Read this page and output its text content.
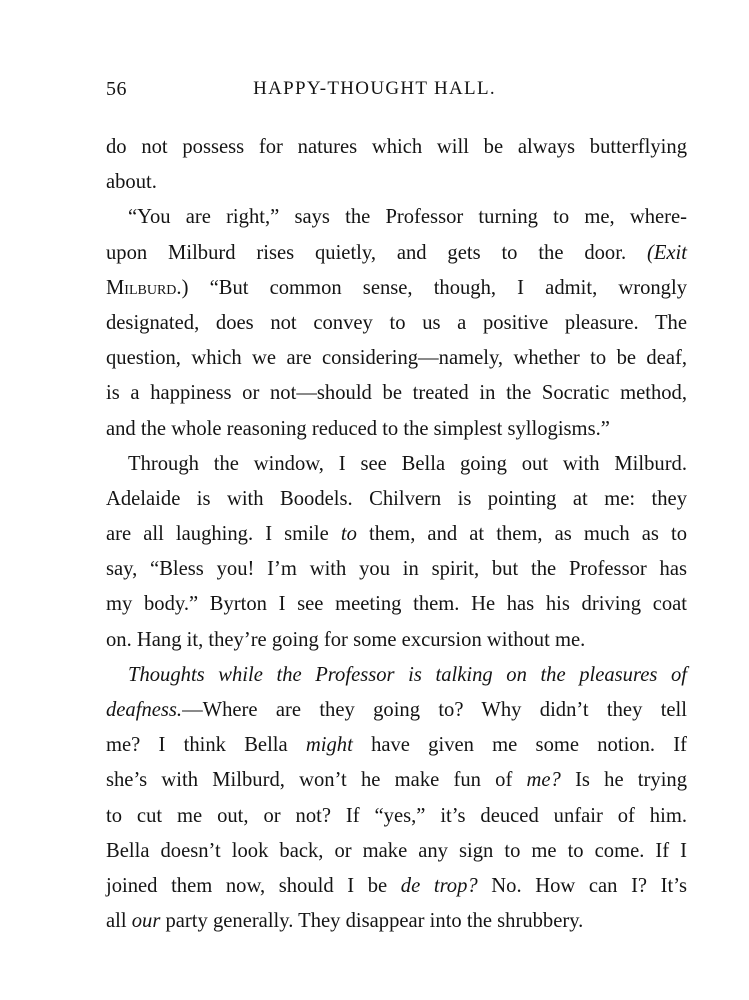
56	HAPPY-THOUGHT HALL.
do not possess for natures which will be always butterflying
about.
“You are right,” says the Professor turning to me, where-
upon Milburd rises quietly, and gets to the door. (Exit
Milburd.) “But common sense, though, I admit, wrongly
designated, does not convey to us a positive pleasure. The
question, which we are considering—namely, whether to be deaf,
is a happiness or not—should be treated in the Socratic method,
and the whole reasoning reduced to the simplest syllogisms.”
Through the window, I see Bella going out with Milburd.
Adelaide is with Boodels. Chilvern is pointing at me: they
are all laughing. I smile to them, and at them, as much as to
say, “Bless you! I’m with you in spirit, but the Professor has
my body.” Byrton I see meeting them. He has his driving coat
on. Hang it, they’re going for some excursion without me.
Thoughts while the Professor is talking on the pleasures of
deafness.—Where are they going to? Why didn’t they tell
me? I think Bella might have given me some notion. If
she’s with Milburd, won’t he make fun of me? Is he trying
to cut me out, or not? If “yes,” it’s deuced unfair of him.
Bella doesn’t look back, or make any sign to me to come. If I
joined them now, should I be de trop? No. How can I? It’s
all our party generally. They disappear into the shrubbery.
